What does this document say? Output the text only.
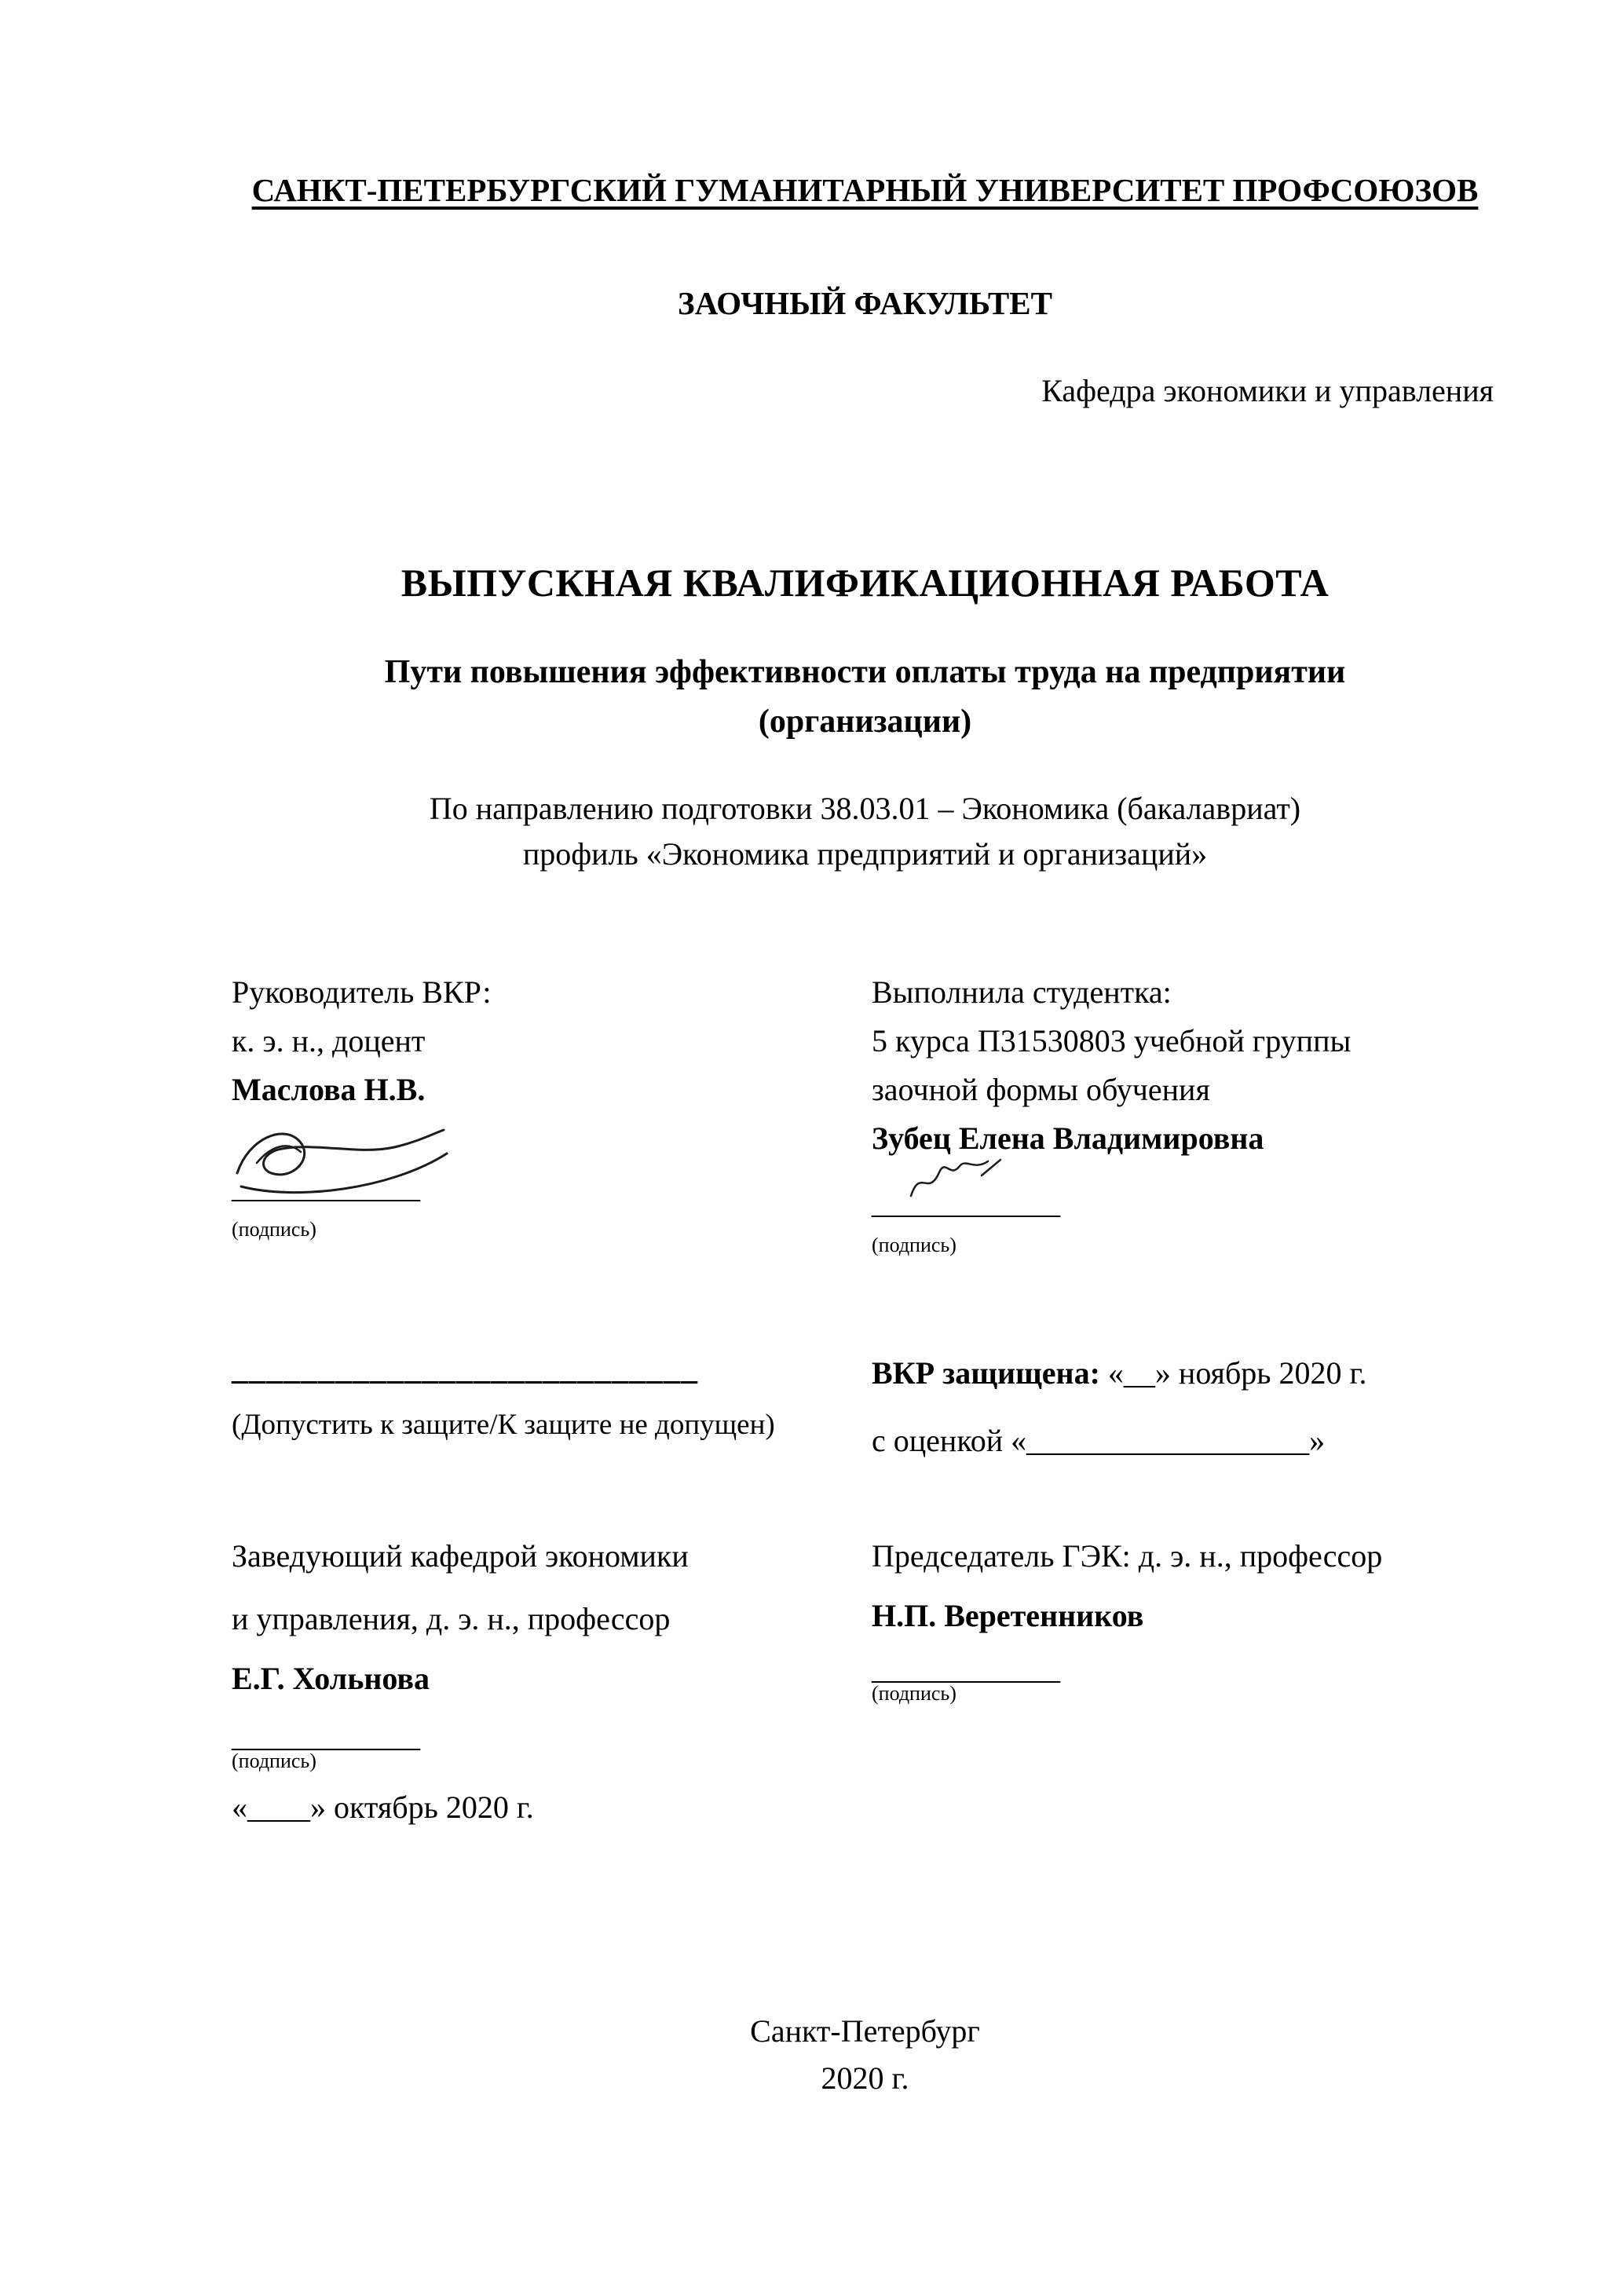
САНКТ-ПЕТЕРБУРГСКИЙ ГУМАНИТАРНЫЙ УНИВЕРСИТЕТ ПРОФСОЮЗОВ
ЗАОЧНЫЙ ФАКУЛЬТЕТ
Кафедра экономики и управления
ВЫПУСКНАЯ КВАЛИФИКАЦИОННАЯ РАБОТА
Пути повышения эффективности оплаты труда на предприятии
(организации)
По направлению подготовки 38.03.01 – Экономика (бакалавриат)
профиль «Экономика предприятий и организаций»
Руководитель ВКР:
к. э. н., доцент
Маслова Н.В.
____________
(подпись)
Выполнила студентка:
5 курса П31530803 учебной группы
заочной формы обучения
Зубец Елена Владимировна
____________
(подпись)
___________________________
(Допустить к защите/К защите не допущен)
ВКР защищена: «__» ноябрь 2020 г.
с оценкой «__________________»
Заведующий кафедрой экономики
и управления, д. э. н., профессор
Е.Г. Хольнова
____________
(подпись)
«____» октябрь 2020 г.
Председатель ГЭК: д. э. н., профессор
Н.П. Веретенников
____________
(подпись)
Санкт-Петербург
2020 г.
